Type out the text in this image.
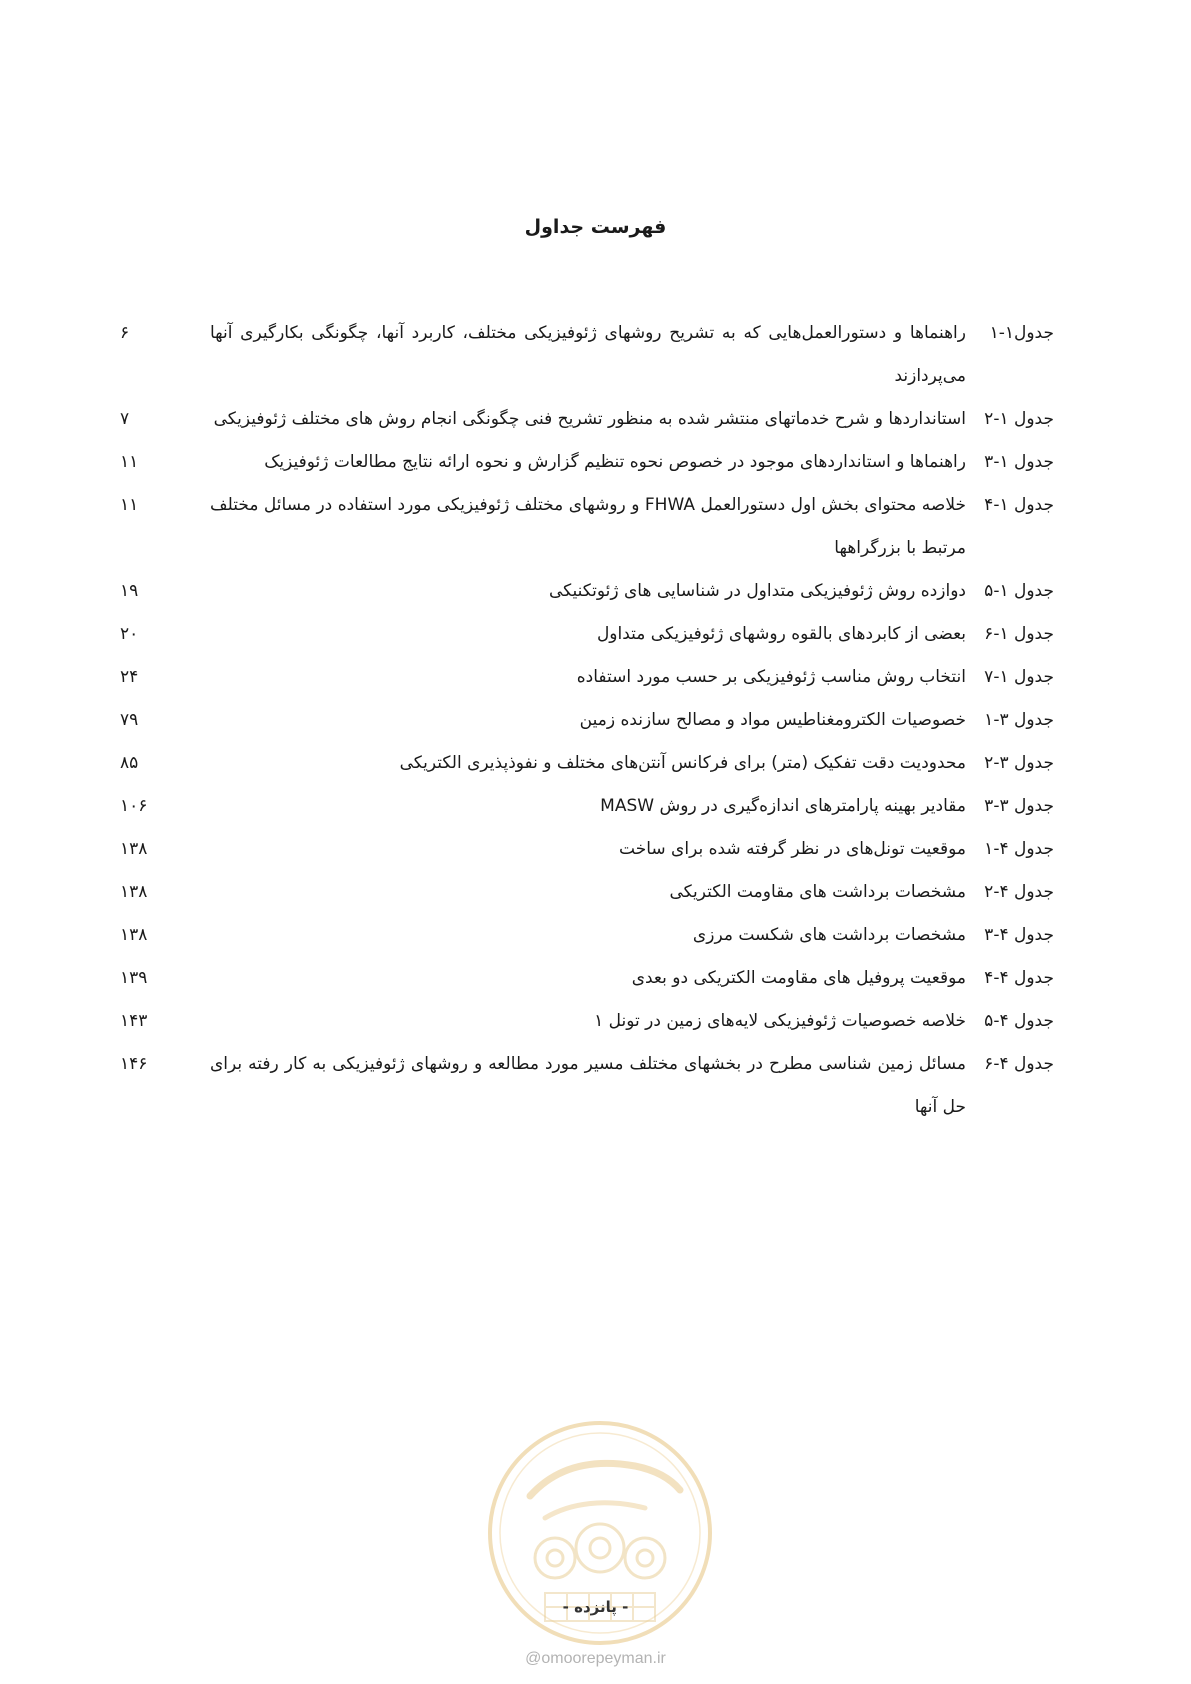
فهرست جداول
جدول۱-۱
راهنماها و دستورالعمل‌هایی که به تشریح روشهای ژئوفیزیکی مختلف، کاربرد آنها، چگونگی بکارگیری آنها می‌پردازند
۶
جدول ۱-۲
استانداردها و شرح خدماتهای منتشر شده به منظور تشریح فنی چگونگی انجام روش های مختلف ژئوفیزیکی
۷
جدول ۱-۳
راهنماها و استانداردهای موجود در خصوص نحوه تنظیم گزارش و نحوه ارائه نتایج مطالعات ژئوفیزیک
۱۱
جدول ۱-۴
خلاصه محتوای بخش اول دستورالعمل FHWA و روشهای مختلف ژئوفیزیکی مورد استفاده در مسائل مختلف مرتبط با بزرگراهها
۱۱
جدول ۱-۵
دوازده روش ژئوفیزیکی متداول در شناسایی های ژئوتکنیکی
۱۹
جدول ۱-۶
بعضی از کابردهای بالقوه روشهای ژئوفیزیکی متداول
۲۰
جدول ۱-۷
انتخاب روش مناسب ژئوفیزیکی بر حسب مورد استفاده
۲۴
جدول ۳-۱
خصوصیات الکترومغناطیس مواد و مصالح سازنده زمین
۷۹
جدول ۳-۲
محدودیت دقت تفکیک (متر) برای فرکانس آنتن‌های مختلف و نفوذپذیری الکتریکی
۸۵
جدول ۳-۳
مقادیر بهینه پارامترهای اندازه‌گیری در روش MASW
۱۰۶
جدول ۴-۱
موقعیت تونل‌های در نظر گرفته شده برای ساخت
۱۳۸
جدول ۴-۲
مشخصات برداشت های مقاومت الکتریکی
۱۳۸
جدول ۴-۳
مشخصات برداشت های شکست مرزی
۱۳۸
جدول ۴-۴
موقعیت پروفیل های مقاومت الکتریکی دو بعدی
۱۳۹
جدول ۴-۵
خلاصه خصوصیات ژئوفیزیکی لایه‌های زمین در تونل ۱
۱۴۳
جدول ۴-۶
مسائل زمین شناسی مطرح در بخشهای مختلف مسیر مورد مطالعه و روشهای ژئوفیزیکی به کار رفته برای حل آنها
۱۴۶
- پانزده -
@omoorepeyman.ir
